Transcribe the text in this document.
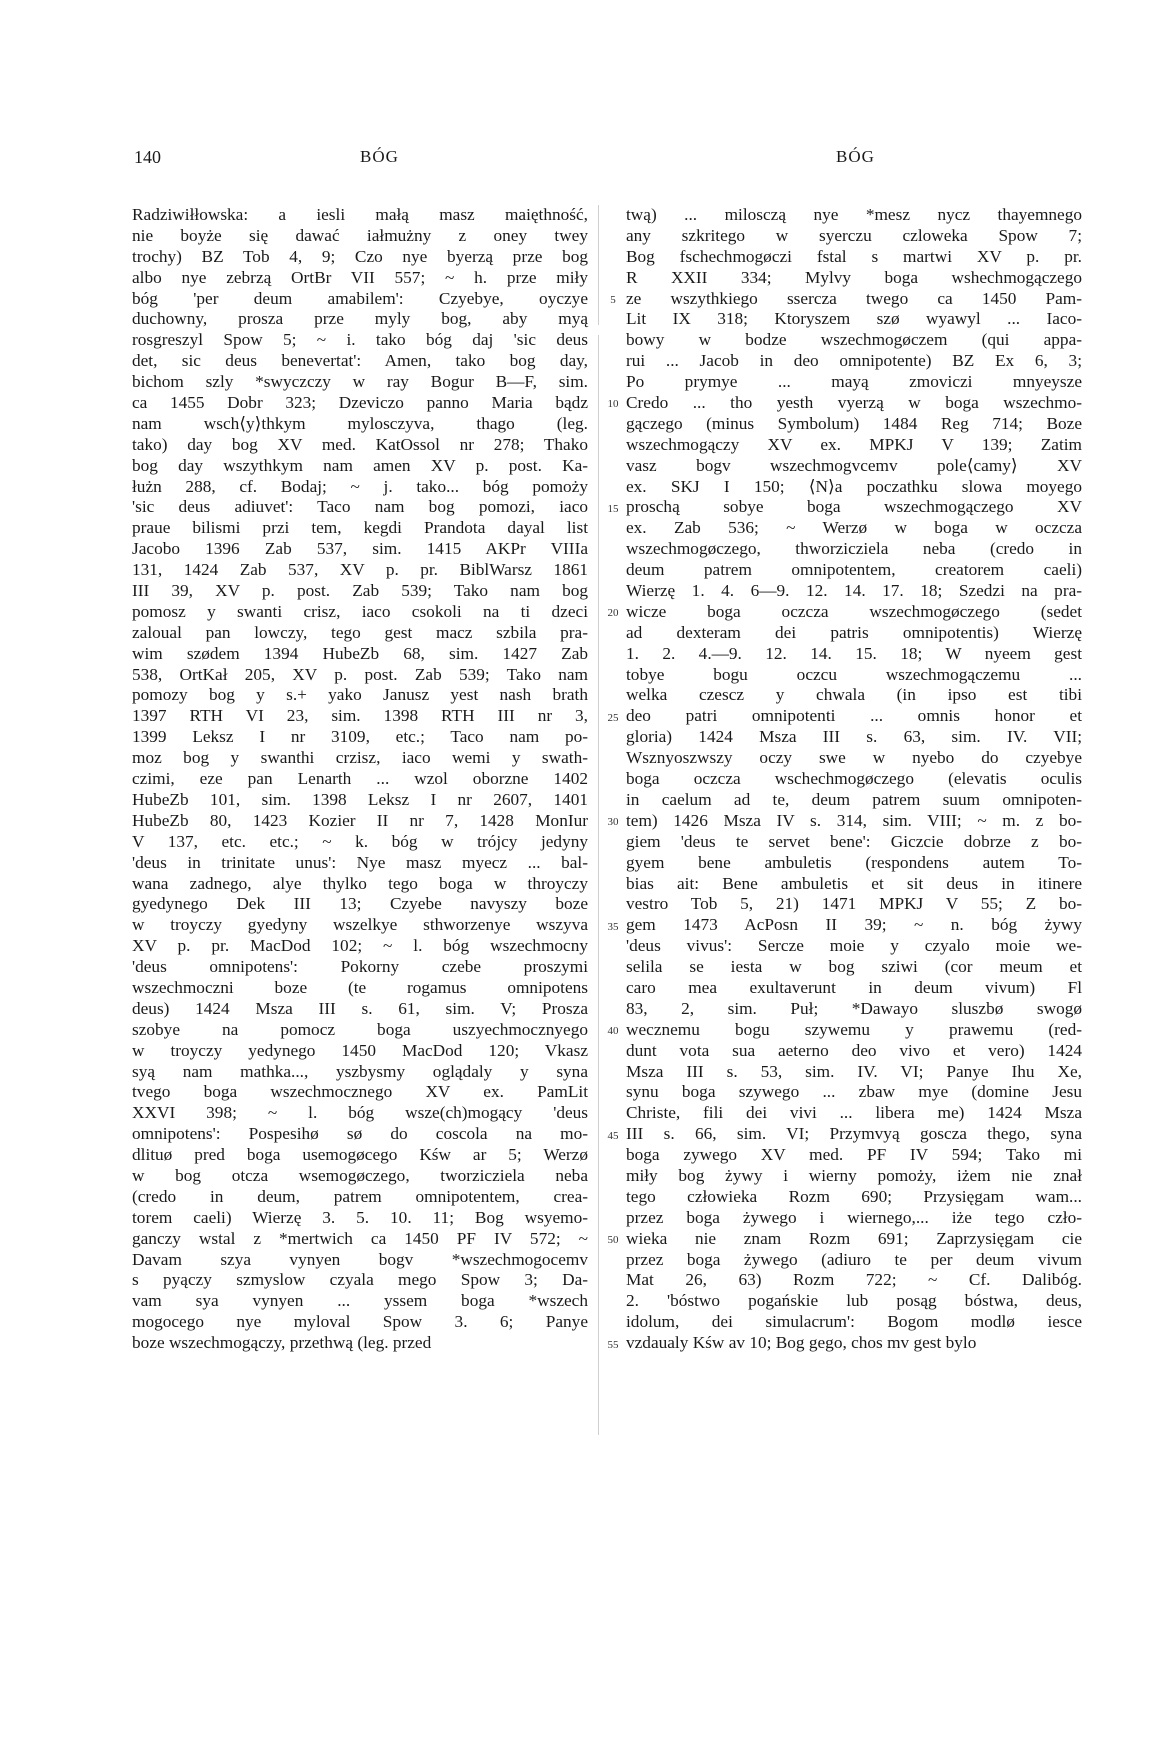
140	BÓG	BÓG
Radziwiłłowska: a iesli małą masz maięthność,
nie boyże się dawać iałmużny z oney twey
trochy) BZ Tob 4, 9; Czo nye byerzą prze bog
albo nye zebrzą OrtBr VII 557; ~ h. prze miły
bóg 'per deum amabilem': Czyebye, oyczye
duchowny, prosza prze myly bog, aby myą
rosgreszyl Spow 5; ~ i. tako bóg daj 'sic deus
det, sic deus benevertat': Amen, tako bog day,
bichom szly *swyczczy w ray Bogur B—F, sim.
ca 1455 Dobr 323; Dzeviczo panno Maria bądz
nam wsch⟨y⟩thkym mylosczyva, thago (leg.
tako) day bog XV med. KatOssol nr 278; Thako
bog day wszythkym nam amen XV p. post. Ka-
łużn 288, cf. Bodaj; ~ j. tako... bóg pomoży
'sic deus adiuvet': Taco nam bog pomozi, iaco
praue bilismi przi tem, kegdi Prandota dayal list
Jacobo 1396 Zab 537, sim. 1415 AKPr VIIIa
131, 1424 Zab 537, XV p. pr. BiblWarsz 1861
III 39, XV p. post. Zab 539; Tako nam bog
pomosz y swanti crisz, iaco csokoli na ti dzeci
zaloual pan lowczy, tego gest macz szbila pra-
wim szødem 1394 HubeZb 68, sim. 1427 Zab
538, OrtKał 205, XV p. post. Zab 539; Tako nam
pomozy bog y s.+ yako Janusz yest nash brath
1397 RTH VI 23, sim. 1398 RTH III nr 3,
1399 Leksz I nr 3109, etc.; Taco nam po-
moz bog y swanthi crzisz, iaco wemi y swath-
czimi, eze pan Lenarth ... wzol oborzne 1402
HubeZb 101, sim. 1398 Leksz I nr 2607, 1401
HubeZb 80, 1423 Kozier II nr 7, 1428 MonIur
V 137, etc. etc.; ~ k. bóg w trójcy jedyny
'deus in trinitate unus': Nye masz myecz ... bal-
wana zadnego, alye thylko tego boga w throyczy
gyedynego Dek III 13; Czyebe navyszy boze
w troyczy gyedyny wszelkye sthworzenye wszyva
XV p. pr. MacDod 102; ~ l. bóg wszechmocny
'deus omnipotens': Pokorny czebe proszymi
wszechmoczni boze (te rogamus omnipotens
deus) 1424 Msza III s. 61, sim. V; Prosza
szobye na pomocz boga uszyechmocznyego
w troyczy yedynego 1450 MacDod 120; Vkasz
syą nam mathka..., yszbysmy oglądaly y syna
tvego boga wszechmocznego XV ex. PamLit
XXVI 398; ~ l. bóg wsze(ch)mogący 'deus
omnipotens': Pospesihø sø do coscola na mo-
dlituø pred boga usemogøcego Kśw ar 5; Werzø
w bog otcza wsemogøczego, tworzicziela neba
(credo in deum, patrem omnipotentem, crea-
torem caeli) Wierzę 3. 5. 10. 11; Bog wsyemo-
ganczy wstal z *mertwich ca 1450 PF IV 572; ~
Davam szya vynyen bogv *wszechmogocemv
s pyączy szmyslow czyala mego Spow 3; Da-
vam sya vynyen ... yssem boga *wszech
mogocego nye myloval Spow 3. 6; Panye
boze wszechmogączy, przethwą (leg. przed
5
10
15
20
25
30
35
40
45
50
55
twą) ... milosczą nye *mesz nycz thayemnego
any szkritego w syerczu czloweka Spow 7;
Bog fschechmogøczi fstal s martwi XV p. pr.
R XXII 334; Mylvy boga wshechmogączego
ze wszythkiego sserczа twego ca 1450 Pam-
Lit IX 318; Ktoryszem szø wyawyl ... Iaco-
bowy w bodze wszechmogøczem (qui appa-
rui ... Jacob in deo omnipotente) BZ Ex 6, 3;
Po prymye ... mayą zmoviczi mnyeysze
Credo ... tho yesth vyerzą w boga wszechmo-
gączego (minus Symbolum) 1484 Reg 714; Boze
wszechmogączy XV ex. MPKJ V 139; Zatim
vasz bogv wszechmogvcemv pole⟨camy⟩ XV
ex. SKJ I 150; ⟨N⟩a poczathku slowa moyego
proschą sobye boga wszechmogączego XV
ex. Zab 536; ~ Werzø w boga w oczcza
wszechmogøczego, thworzicziela neba (credo in
deum patrem omnipotentem, creatorem caeli)
Wierzę 1. 4. 6—9. 12. 14. 17. 18; Szedzi na pra-
wicze boga oczcza wszechmogøczego (sedet
ad dexteram dei patris omnipotentis) Wierzę
1. 2. 4.—9. 12. 14. 15. 18; W nyeem gest
tobye bogu oczcu wszechmogączemu ...
welka czescz y chwala (in ipso est tibi
deo patri omnipotenti ... omnis honor et
gloria) 1424 Msza III s. 63, sim. IV. VII;
Wsznyoszwszy oczy swe w nyebo do czyebye
boga oczcza wschechmogøczego (elevatis oculis
in caelum ad te, deum patrem suum omnipoten-
tem) 1426 Msza IV s. 314, sim. VIII; ~ m. z bo-
giem 'deus te servet bene': Giczcie dobrze z bo-
gyem bene ambuletis (respondens autem To-
bias ait: Bene ambuletis et sit deus in itinere
vestro Tob 5, 21) 1471 MPKJ V 55; Z bo-
gem 1473 AcPosn II 39; ~ n. bóg żywy
'deus vivus': Sercze moie y czyalo moie we-
selila se iesta w bog sziwi (cor meum et
caro mea exultaverunt in deum vivum) Fl
83, 2, sim. Puł; *Dawayo sluszbø swogø
wecznemu bogu szywemu y prawemu (red-
dunt vota sua aeterno deo vivo et vero) 1424
Msza III s. 53, sim. IV. VI; Panye Ihu Xe,
synu boga szywego ... zbaw mye (domine Jesu
Christe, fili dei vivi ... libera me) 1424 Msza
III s. 66, sim. VI; Przymvyą goscza thego, syna
boga zywego XV med. PF IV 594; Tako mi
miły bog żywy i wierny pomoży, iżem nie znał
tego człowieka Rozm 690; Przysięgam wam...
przez boga żywego i wiernego,... iże tego czło-
wieka nie znam Rozm 691; Zaprzysięgam cie
przez boga żywego (adiuro te per deum vivum
Mat 26, 63) Rozm 722; ~ Cf. Dalibóg.
2. 'bóstwo pogańskie lub posąg bóstwa, deus,
idolum, dei simulacrum': Bogom modlø iesce
vzdaualy Kśw av 10; Bog gego, chos mv gest bylo
